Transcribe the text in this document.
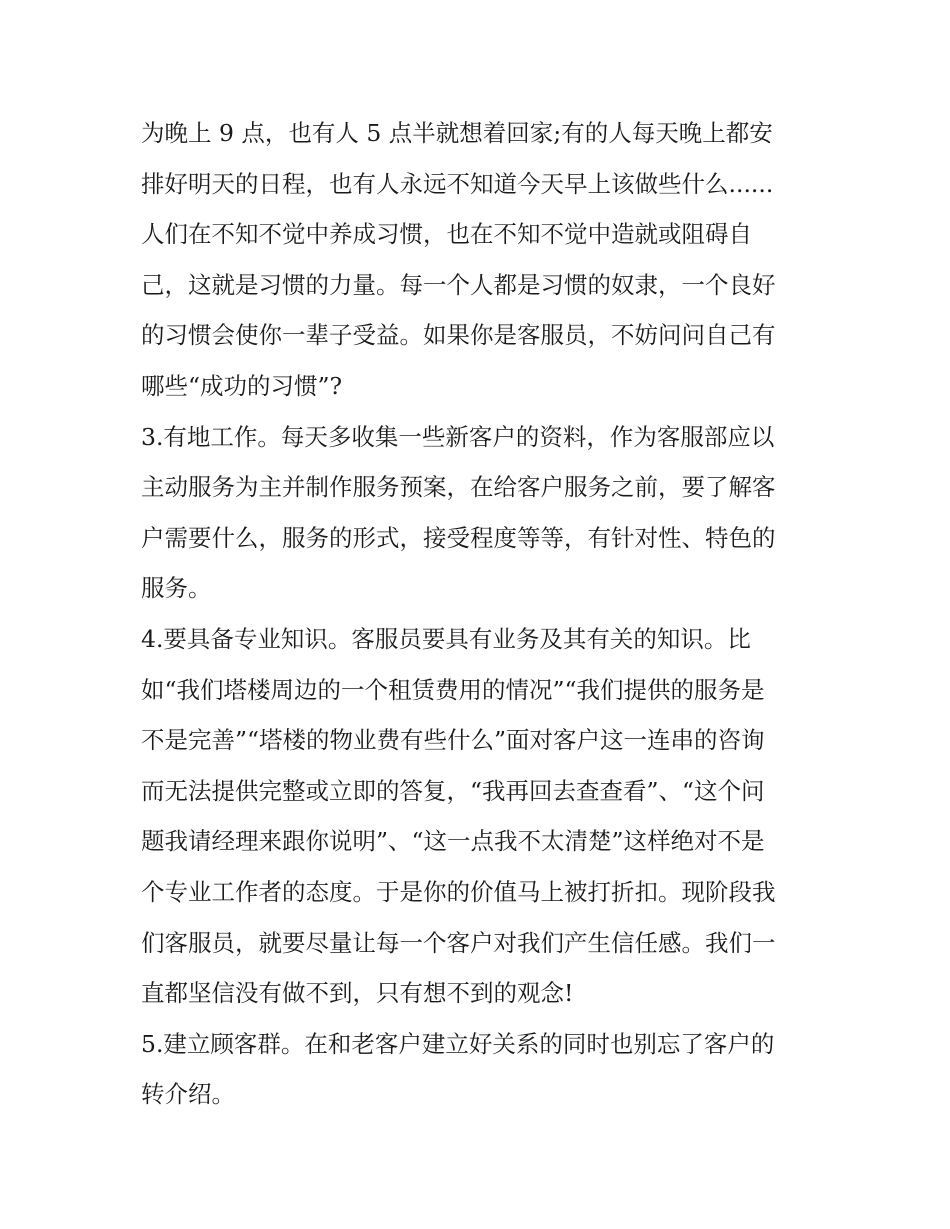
为晚上 9 点，也有人 5 点半就想着回家;有的人每天晚上都安
排好明天的日程，也有人永远不知道今天早上该做些什么......
人们在不知不觉中养成习惯，也在不知不觉中造就或阻碍自
己，这就是习惯的力量。每一个人都是习惯的奴隶，一个良好
的习惯会使你一辈子受益。如果你是客服员，不妨问问自己有
哪些“成功的习惯”?
3.有地工作。每天多收集一些新客户的资料，作为客服部应以
主动服务为主并制作服务预案，在给客户服务之前，要了解客
户需要什么，服务的形式，接受程度等等，有针对性、特色的
服务。
4.要具备专业知识。客服员要具有业务及其有关的知识。比
如“我们塔楼周边的一个租赁费用的情况”“我们提供的服务是
不是完善”“塔楼的物业费有些什么”面对客户这一连串的咨询
而无法提供完整或立即的答复，“我再回去查查看”、“这个问
题我请经理来跟你说明”、“这一点我不太清楚”这样绝对不是
个专业工作者的态度。于是你的价值马上被打折扣。现阶段我
们客服员，就要尽量让每一个客户对我们产生信任感。我们一
直都坚信没有做不到，只有想不到的观念!
5.建立顾客群。在和老客户建立好关系的同时也别忘了客户的
转介绍。
